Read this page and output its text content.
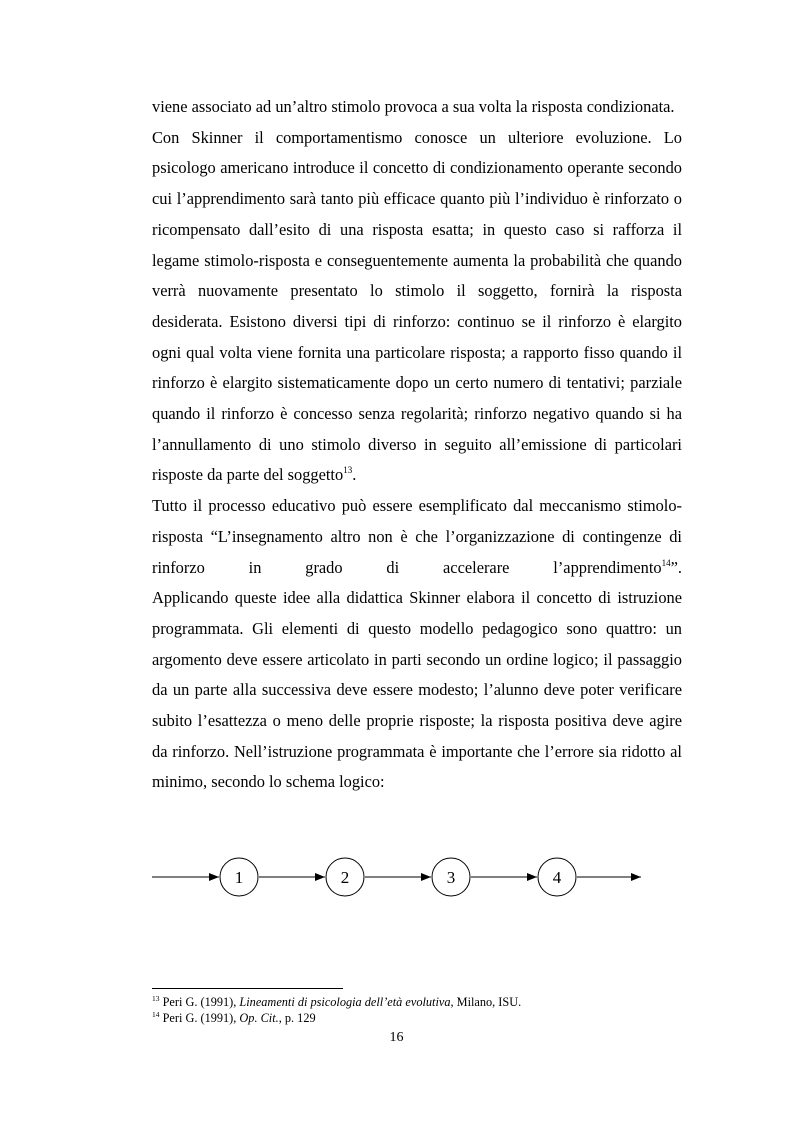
viene associato ad un’altro stimolo provoca a sua volta la risposta condizionata.

Con Skinner il comportamentismo conosce un ulteriore evoluzione. Lo psicologo americano introduce il concetto di condizionamento operante secondo cui l’apprendimento sarà tanto più efficace quanto più l’individuo è rinforzato o ricompensato dall’esito di una risposta esatta; in questo caso si rafforza il legame stimolo-risposta e conseguentemente aumenta la probabilità che quando verrà nuovamente presentato lo stimolo il soggetto, fornirà la risposta desiderata. Esistono diversi tipi di rinforzo: continuo se il rinforzo è elargito ogni qual volta viene fornita una particolare risposta; a rapporto fisso quando il rinforzo è elargito sistematicamente dopo un certo numero di tentativi; parziale quando il rinforzo è concesso senza regolarità; rinforzo negativo quando si ha l’annullamento di uno stimolo diverso in seguito all’emissione di particolari risposte da parte del soggetto$^{13}$.

Tutto il processo educativo può essere esemplificato dal meccanismo stimolo- risposta “L’insegnamento altro non è che l’organizzazione di contingenze di rinforzo in grado di accelerare l’apprendimento$^{14}$”.

Applicando queste idee alla didattica Skinner elabora il concetto di istruzione programmata. Gli elementi di questo modello pedagogico sono quattro: un argomento deve essere articolato in parti secondo un ordine logico; il passaggio da un parte alla successiva deve essere modesto; l’alunno deve poter verificare subito l’esattezza o meno delle proprie risposte; la risposta positiva deve agire da rinforzo. Nell’istruzione programmata è importante che l’errore sia ridotto al minimo, secondo lo schema logico:

1	2	3	4

$^{13}$ Peri G. (1991), Lineamenti di psicologia dell’età evolutiva, Milano, ISU.

$^{14}$ Peri G. (1991), Op. Cit., p. 129

16
